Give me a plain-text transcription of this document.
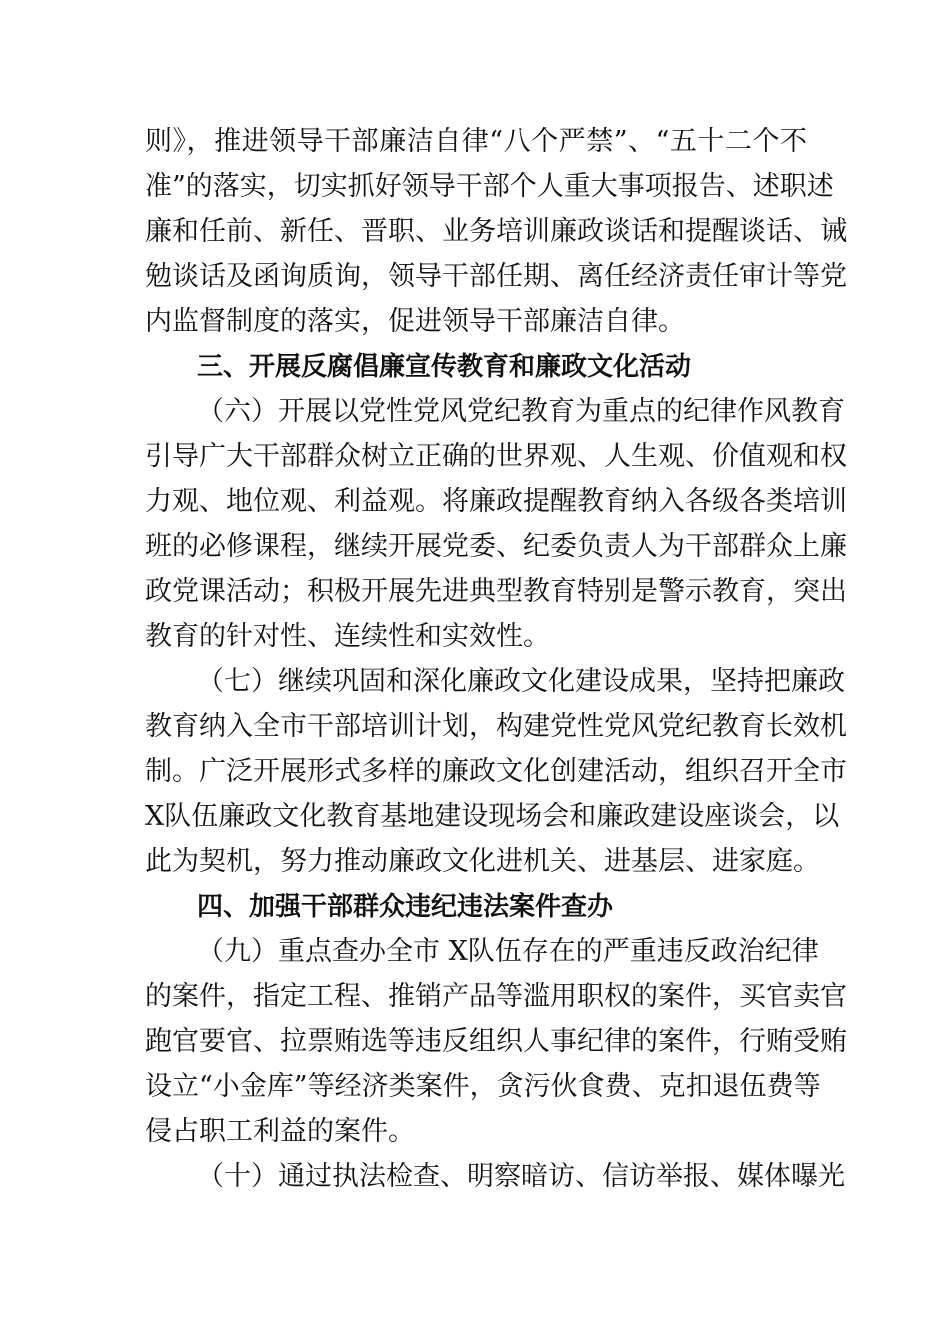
则》，推进领导干部廉洁自律“八个严禁”、“五十二个不
准”的落实，切实抓好领导干部个人重大事项报告、述职述
廉和任前、新任、晋职、业务培训廉政谈话和提醒谈话、诫
勉谈话及函询质询，领导干部任期、离任经济责任审计等党
内监督制度的落实，促进领导干部廉洁自律。
三、开展反腐倡廉宣传教育和廉政文化活动
（六）开展以党性党风党纪教育为重点的纪律作风教育
引导广大干部群众树立正确的世界观、人生观、价值观和权
力观、地位观、利益观。将廉政提醒教育纳入各级各类培训
班的必修课程，继续开展党委、纪委负责人为干部群众上廉
政党课活动；积极开展先进典型教育特别是警示教育，突出
教育的针对性、连续性和实效性。
（七）继续巩固和深化廉政文化建设成果，坚持把廉政
教育纳入全市干部培训计划，构建党性党风党纪教育长效机
制。广泛开展形式多样的廉政文化创建活动，组织召开全市
X队伍廉政文化教育基地建设现场会和廉政建设座谈会，以
此为契机，努力推动廉政文化进机关、进基层、进家庭。
四、加强干部群众违纪违法案件查办
（九）重点查办全市 X队伍存在的严重违反政治纪律
的案件，指定工程、推销产品等滥用职权的案件，买官卖官
跑官要官、拉票贿选等违反组织人事纪律的案件，行贿受贿
设立“小金库”等经济类案件，贪污伙食费、克扣退伍费等
侵占职工利益的案件。
（十）通过执法检查、明察暗访、信访举报、媒体曝光
